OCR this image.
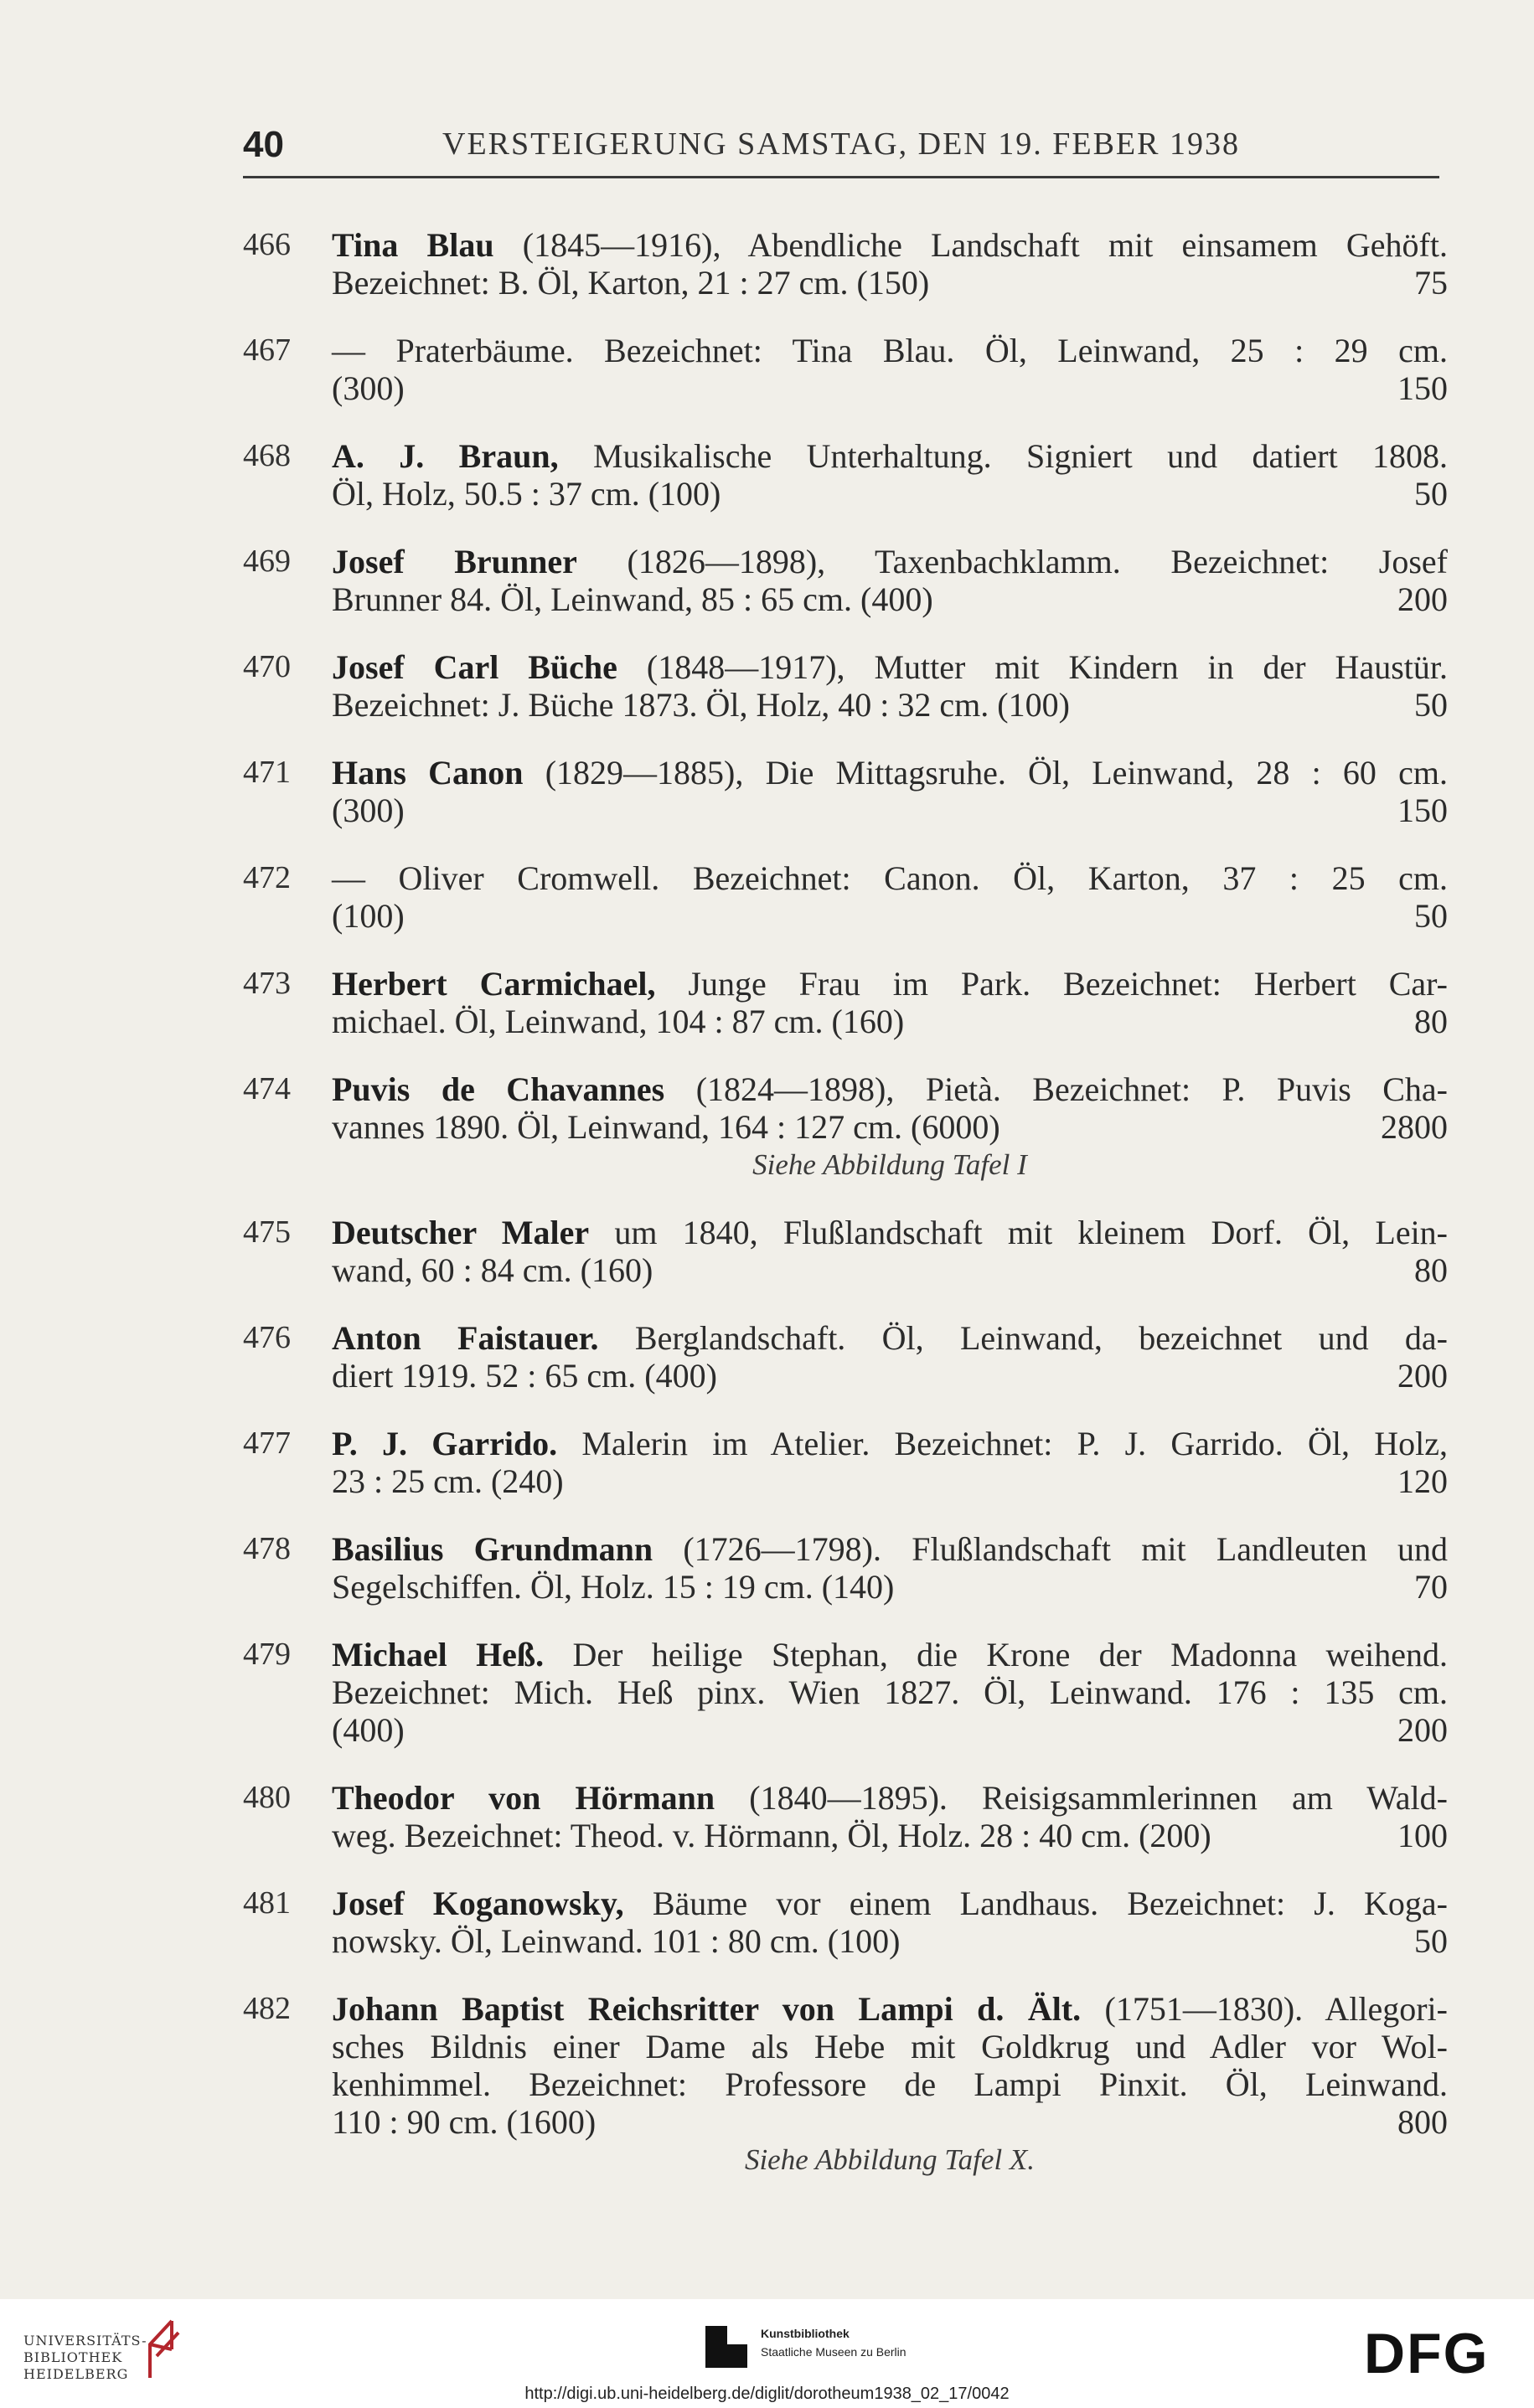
40	VERSTEIGERUNG SAMSTAG, DEN 19. FEBER 1938
466	Tina Blau (1845—1916), Abendliche Landschaft mit einsamem Gehöft.
Bezeichnet: B. Öl, Karton, 21 : 27 cm. (150)	75
467	— Praterbäume. Bezeichnet: Tina Blau. Öl, Leinwand, 25 : 29 cm.
(300)	150
468	A. J. Braun, Musikalische Unterhaltung. Signiert und datiert 1808.
Öl, Holz, 50.5 : 37 cm. (100)	50
469	Josef Brunner (1826—1898), Taxenbachklamm. Bezeichnet: Josef
Brunner 84. Öl, Leinwand, 85 : 65 cm. (400)	200
470	Josef Carl Büche (1848—1917), Mutter mit Kindern in der Haustür.
Bezeichnet: J. Büche 1873. Öl, Holz, 40 : 32 cm. (100)	50
471	Hans Canon (1829—1885), Die Mittagsruhe. Öl, Leinwand, 28 : 60 cm.
(300)	150
472	— Oliver Cromwell. Bezeichnet: Canon. Öl, Karton, 37 : 25 cm.
(100)	50
473	Herbert Carmichael, Junge Frau im Park. Bezeichnet: Herbert Car-
michael. Öl, Leinwand, 104 : 87 cm. (160)	80
474	Puvis de Chavannes (1824—1898), Pietà. Bezeichnet: P. Puvis Cha-
vannes 1890. Öl, Leinwand, 164 : 127 cm. (6000)	2800
Siehe Abbildung Tafel I
475	Deutscher Maler um 1840, Flußlandschaft mit kleinem Dorf. Öl, Lein-
wand, 60 : 84 cm. (160)	80
476	Anton Faistauer. Berglandschaft. Öl, Leinwand, bezeichnet und da-
diert 1919. 52 : 65 cm. (400)	200
477	P. J. Garrido. Malerin im Atelier. Bezeichnet: P. J. Garrido. Öl, Holz,
23 : 25 cm. (240)	120
478	Basilius Grundmann (1726—1798). Flußlandschaft mit Landleuten und
Segelschiffen. Öl, Holz. 15 : 19 cm. (140)	70
479	Michael Heß. Der heilige Stephan, die Krone der Madonna weihend.
Bezeichnet: Mich. Heß pinx. Wien 1827. Öl, Leinwand. 176 : 135 cm.
(400)	200
480	Theodor von Hörmann (1840—1895). Reisigsammlerinnen am Wald-
weg. Bezeichnet: Theod. v. Hörmann, Öl, Holz. 28 : 40 cm. (200)	100
481	Josef Koganowsky, Bäume vor einem Landhaus. Bezeichnet: J. Koga-
nowsky. Öl, Leinwand. 101 : 80 cm. (100)	50
482	Johann Baptist Reichsritter von Lampi d. Ält. (1751—1830). Allegori-
sches Bildnis einer Dame als Hebe mit Goldkrug und Adler vor Wol-
kenhimmel. Bezeichnet: Professore de Lampi Pinxit. Öl, Leinwand.
110 : 90 cm. (1600)	800
Siehe Abbildung Tafel X.
UNIVERSITÄTS-
BIBLIOTHEK
HEIDELBERG
Kunstbibliothek
Staatliche Museen zu Berlin	DFG
http://digi.ub.uni-heidelberg.de/diglit/dorotheum1938_02_17/0042
